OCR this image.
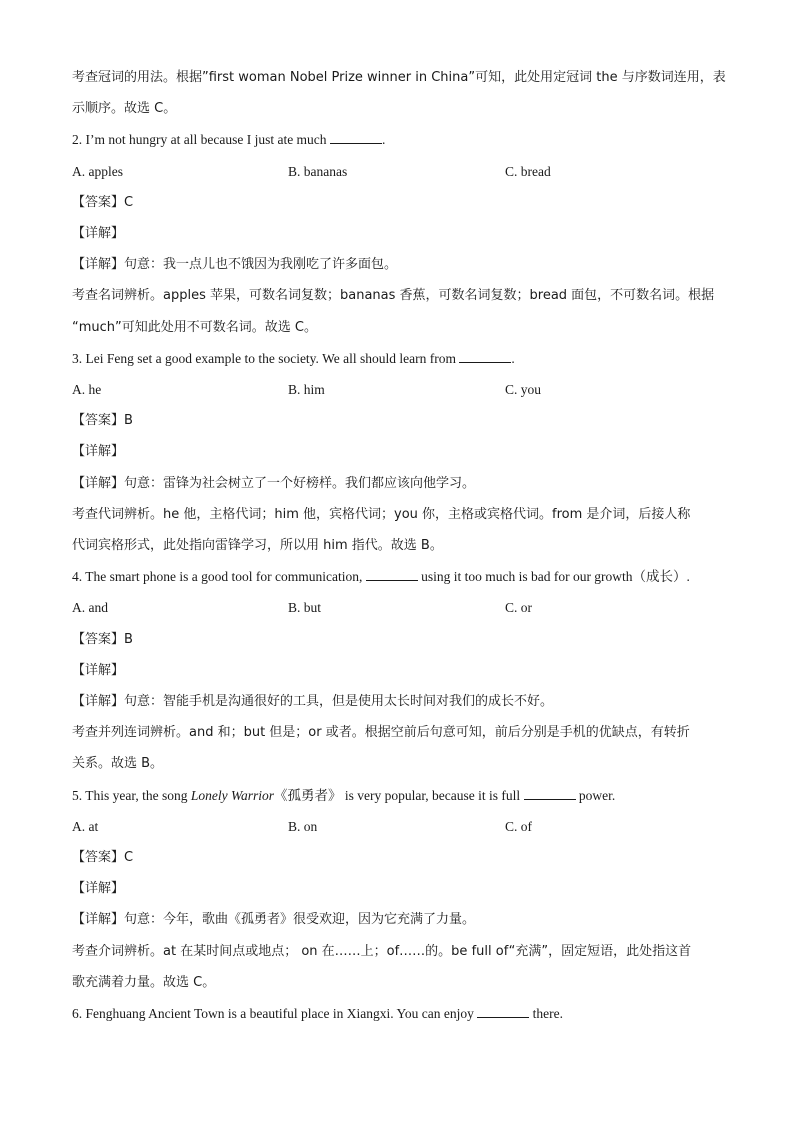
考查冠词的用法。根据”first woman Nobel Prize winner in China”可知，此处用定冠词 the 与序数词连用，表
示顺序。故选 C。
2. I’m not hungry at all because I just ate much	.
A. apples	B. bananas	C. bread
【答案】C
【详解】
【详解】句意：我一点儿也不饿因为我刚吃了许多面包。
考查名词辨析。apples 苹果，可数名词复数；bananas 香蕉，可数名词复数；bread 面包，不可数名词。根据
“much”可知此处用不可数名词。故选 C。
3. Lei Feng set a good example to the society. We all should learn from	.
A. he	B. him	C. you
【答案】B
【详解】
【详解】句意：雷锋为社会树立了一个好榜样。我们都应该向他学习。
考查代词辨析。he 他，主格代词；him 他，宾格代词；you 你，主格或宾格代词。from 是介词，后接人称
代词宾格形式，此处指向雷锋学习，所以用 him 指代。故选 B。
4. The smart phone is a good tool for communication,	using it too much is bad for our growth（成长）.
A. and	B. but	C. or
【答案】B
【详解】
【详解】句意：智能手机是沟通很好的工具，但是使用太长时间对我们的成长不好。
考查并列连词辨析。and 和；but 但是；or 或者。根据空前后句意可知，前后分别是手机的优缺点，有转折
关系。故选 B。
5. This year, the song Lonely Warrior《孤勇者》 is very popular, because it is full	power.
A. at	B. on	C. of
【答案】C
【详解】
【详解】句意：今年，歌曲《孤勇者》很受欢迎，因为它充满了力量。
考查介词辨析。at 在某时间点或地点； on 在……上；of……的。be full of“充满”，固定短语，此处指这首
歌充满着力量。故选 C。
6. Fenghuang Ancient Town is a beautiful place in Xiangxi. You can enjoy	there.
